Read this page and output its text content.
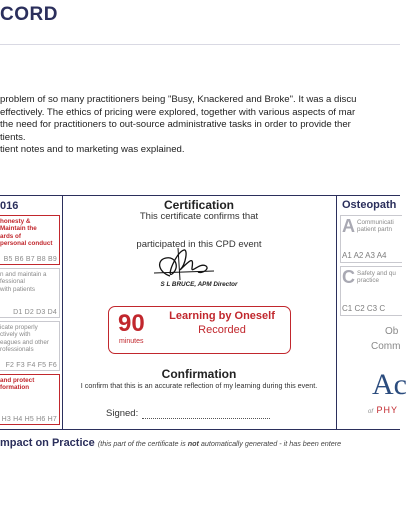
CORD
problem of so many practitioners being "Busy, Knackered and Broke". It was a discu
effectively. The ethics of pricing were explored, together with various aspects of mar
the need for practitioners to out-source administrative tasks in order to provide ther
tients.
tient notes and to marketing was explained.
016
honesty &
Maintain the
ards of
personal conduct
B5 B6 B7 B8 B9
n and maintain a
fessional
with patients
D1 D2 D3 D4
icate properly
ctively with
eagues and other
rofessionals
F2 F3 F4 F5 F6
and protect
formation
H3 H4 H5 H6 H7
Certification
This certificate confirms that
participated in this CPD event
S L BRUCE, APM Director
90
minutes
Learning by Oneself
Recorded
Confirmation
I confirm that this is an accurate reflection of my learning during this event.
Signed:
Osteopath
A Communicati
patient partn
A1 A2 A3 A4
C Safety and qu
practice
C1 C2 C3 C
Ob
Comm
Ac
of PHY
mpact on Practice (this part of the certificate is not automatically generated - it has been entere
